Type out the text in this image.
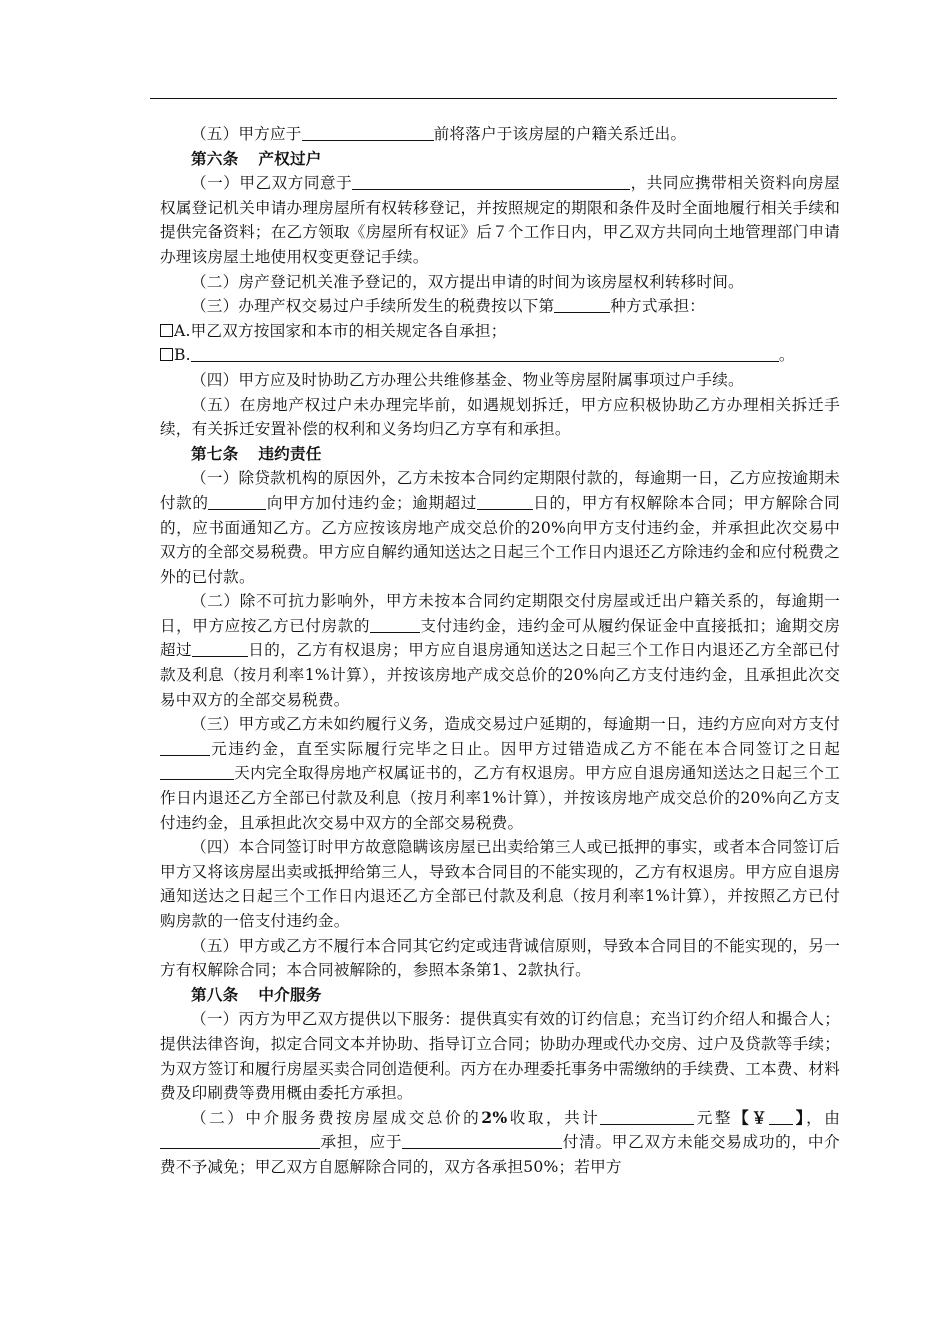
（五）甲方应于	前将落户于该房屋的户籍关系迁出。

第六条 产权过户

（一）甲乙双方同意于	，共同应携带相关资料向房屋权属登记机关申请办理房屋所有权转移登记，并按照规定的期限和条件及时全面地履行相关手续和提供完备资料；在乙方领取《房屋所有权证》后７个工作日内，甲乙双方共同向土地管理部门申请办理该房屋土地使用权变更登记手续。

（二）房产登记机关准予登记的，双方提出申请的时间为该房屋权利转移时间。

（三）办理产权交易过户手续所发生的税费按以下第	种方式承担：

A.甲乙双方按国家和本市的相关规定各自承担；

B.	。

（四）甲方应及时协助乙方办理公共维修基金、物业等房屋附属事项过户手续。

（五）在房地产权过户未办理完毕前，如遇规划拆迁，甲方应积极协助乙方办理相关拆迁手续，有关拆迁安置补偿的权利和义务均归乙方享有和承担。

第七条 违约责任

（一）除贷款机构的原因外，乙方未按本合同约定期限付款的，每逾期一日，乙方应按逾期未付款的	向甲方加付违约金；逾期超过	日的，甲方有权解除本合同；甲方解除合同的，应书面通知乙方。乙方应按该房地产成交总价的20%向甲方支付违约金，并承担此次交易中双方的全部交易税费。甲方应自解约通知送达之日起三个工作日内退还乙方除违约金和应付税费之外的已付款。

（二）除不可抗力影响外，甲方未按本合同约定期限交付房屋或迁出户籍关系的，每逾期一日，甲方应按乙方已付房款的	支付违约金，违约金可从履约保证金中直接抵扣；逾期交房超过	日的，乙方有权退房；甲方应自退房通知送达之日起三个工作日内退还乙方全部已付款及利息（按月利率1%计算），并按该房地产成交总价的20%向乙方支付违约金，且承担此次交易中双方的全部交易税费。

（三）甲方或乙方未如约履行义务，造成交易过户延期的，每逾期一日，违约方应向对方支付元违约金，直至实际履行完毕之日止。因甲方过错造成乙方不能在本合同签订之日起天内完全取得房地产权属证书的，乙方有权退房。甲方应自退房通知送达之日起三个工作日内退还乙方全部已付款及利息（按月利率1%计算），并按该房地产成交总价的20%向乙方支付违约金，且承担此次交易中双方的全部交易税费。

（四）本合同签订时甲方故意隐瞒该房屋已出卖给第三人或已抵押的事实，或者本合同签订后甲方又将该房屋出卖或抵押给第三人，导致本合同目的不能实现的，乙方有权退房。甲方应自退房通知送达之日起三个工作日内退还乙方全部已付款及利息（按月利率1%计算），并按照乙方已付购房款的一倍支付违约金。

（五）甲方或乙方不履行本合同其它约定或违背诚信原则，导致本合同目的不能实现的，另一方有权解除合同；本合同被解除的，参照本条第1、2款执行。

第八条 中介服务

（一）丙方为甲乙双方提供以下服务：提供真实有效的订约信息；充当订约介绍人和撮合人；提供法律咨询，拟定合同文本并协助、指导订立合同；协助办理或代办交房、过户及贷款等手续；为双方签订和履行房屋买卖合同创造便利。丙方在办理委托事务中需缴纳的手续费、工本费、材料费及印刷费等费用概由委托方承担。

（二）中介服务费按房屋成交总价的2%收取，共计	元整【￥ 】，由承担，应于	付清。甲乙双方未能交易成功的，中介费不予减免；甲乙双方自愿解除合同的，双方各承担50%；若甲方
